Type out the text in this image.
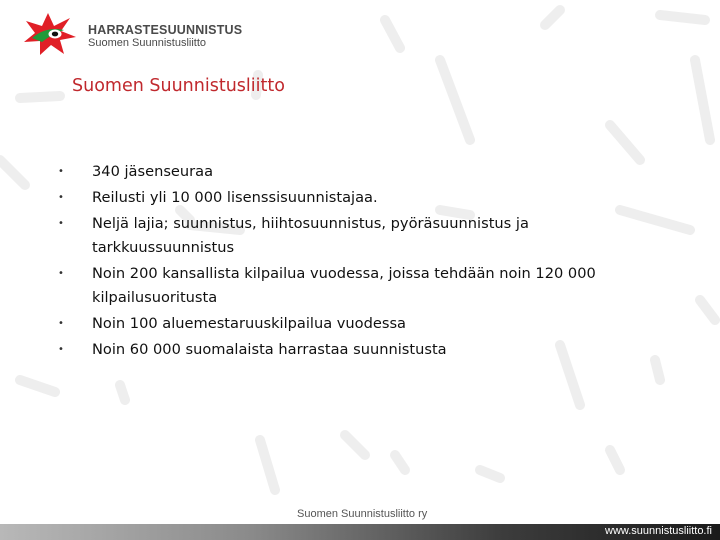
HARRASTESUUNNISTUS
Suomen Suunnistusliitto
Suomen Suunnistusliitto
• 340 jäsenseuraa
• Reilusti yli 10 000 lisenssisuunnistajaa.
• Neljä lajia; suunnistus, hiihtosuunnistus, pyöräsuunnistus ja tarkkuussuunnistus
• Noin 200 kansallista kilpailua vuodessa, joissa tehdään noin 120 000 kilpailusuoritusta
• Noin 100 aluemestaruuskilpailua vuodessa
• Noin 60 000 suomalaista harrastaa suunnistusta
Suomen Suunnistusliitto ry
www.suunnistusliitto.fi
